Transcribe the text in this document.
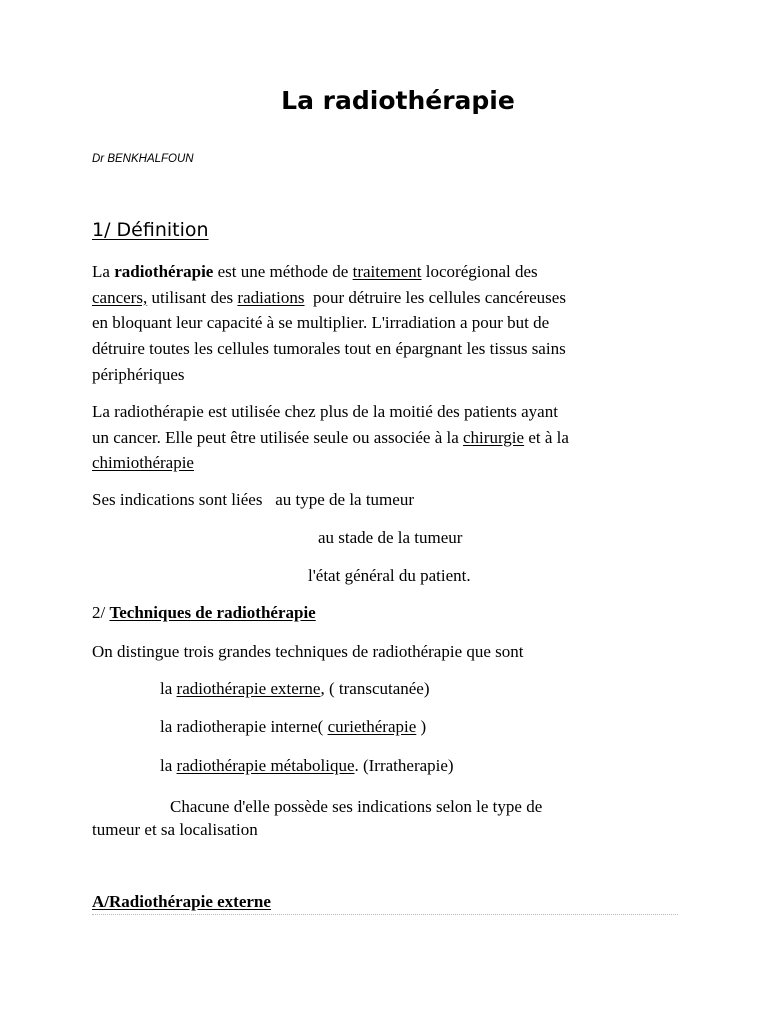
La radiothérapie
Dr BENKHALFOUN
1/ Définition
La radiothérapie est une méthode de traitement locorégional des
cancers, utilisant des radiations  pour détruire les cellules cancéreuses
en bloquant leur capacité à se multiplier. L'irradiation a pour but de
détruire toutes les cellules tumorales tout en épargnant les tissus sains
périphériques
La radiothérapie est utilisée chez plus de la moitié des patients ayant
un cancer. Elle peut être utilisée seule ou associée à la chirurgie et à la
chimiothérapie
Ses indications sont liées   au type de la tumeur
au stade de la tumeur
l'état général du patient.
2/ Techniques de radiothérapie
On distingue trois grandes techniques de radiothérapie que sont
la radiothérapie externe, ( transcutanée)
la radiotherapie interne( curiethérapie )
la radiothérapie métabolique. (Irratherapie)
Chacune d'elle possède ses indications selon le type de
tumeur et sa localisation
A/Radiothérapie externe
